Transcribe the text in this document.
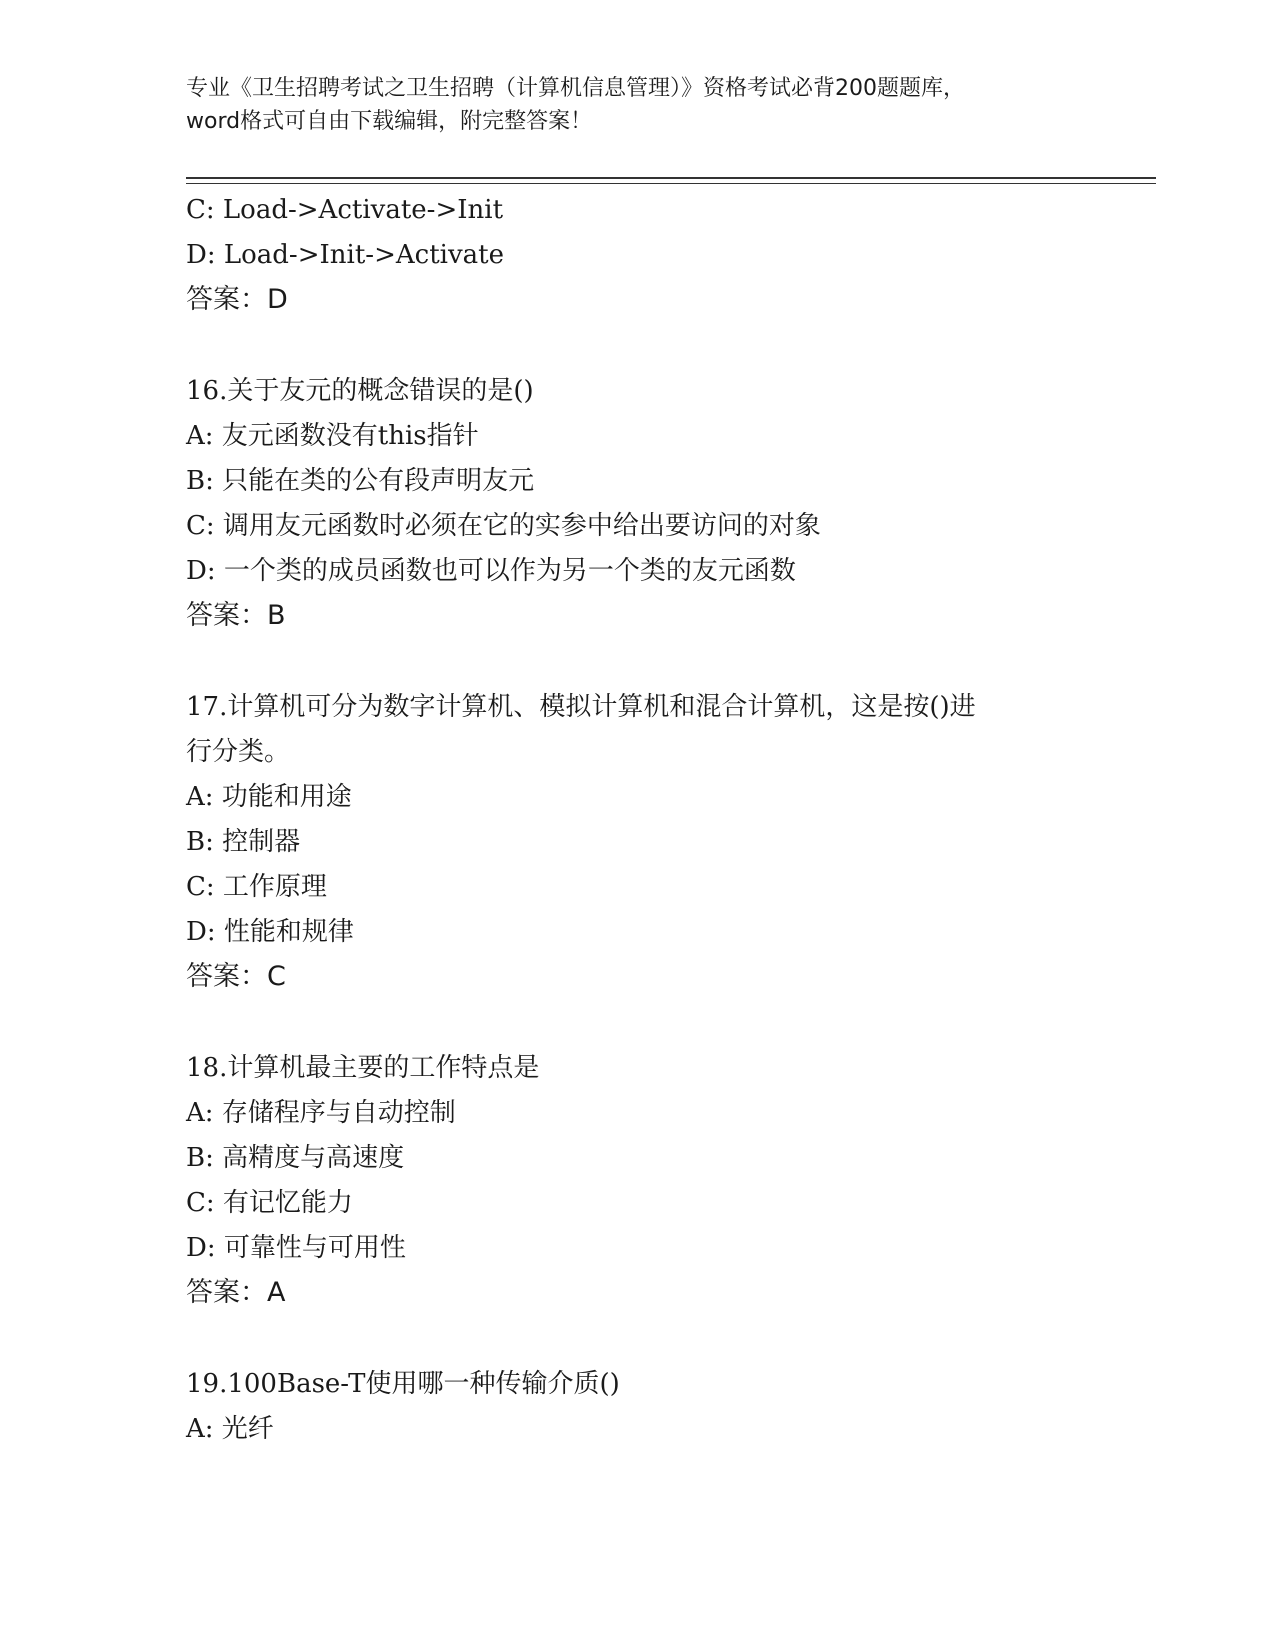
专业《卫生招聘考试之卫生招聘（计算机信息管理）》资格考试必背200题题库，
word格式可自由下载编辑，附完整答案！
C: Load->Activate->Init
D: Load->Init->Activate
答案：D
16.关于友元的概念错误的是()
A: 友元函数没有this指针
B: 只能在类的公有段声明友元
C: 调用友元函数时必须在它的实参中给出要访问的对象
D: 一个类的成员函数也可以作为另一个类的友元函数
答案：B
17.计算机可分为数字计算机、模拟计算机和混合计算机，这是按()进
行分类。
A: 功能和用途
B: 控制器
C: 工作原理
D: 性能和规律
答案：C
18.计算机最主要的工作特点是
A: 存储程序与自动控制
B: 高精度与高速度
C: 有记忆能力
D: 可靠性与可用性
答案：A
19.100Base-T使用哪一种传输介质()
A: 光纤
